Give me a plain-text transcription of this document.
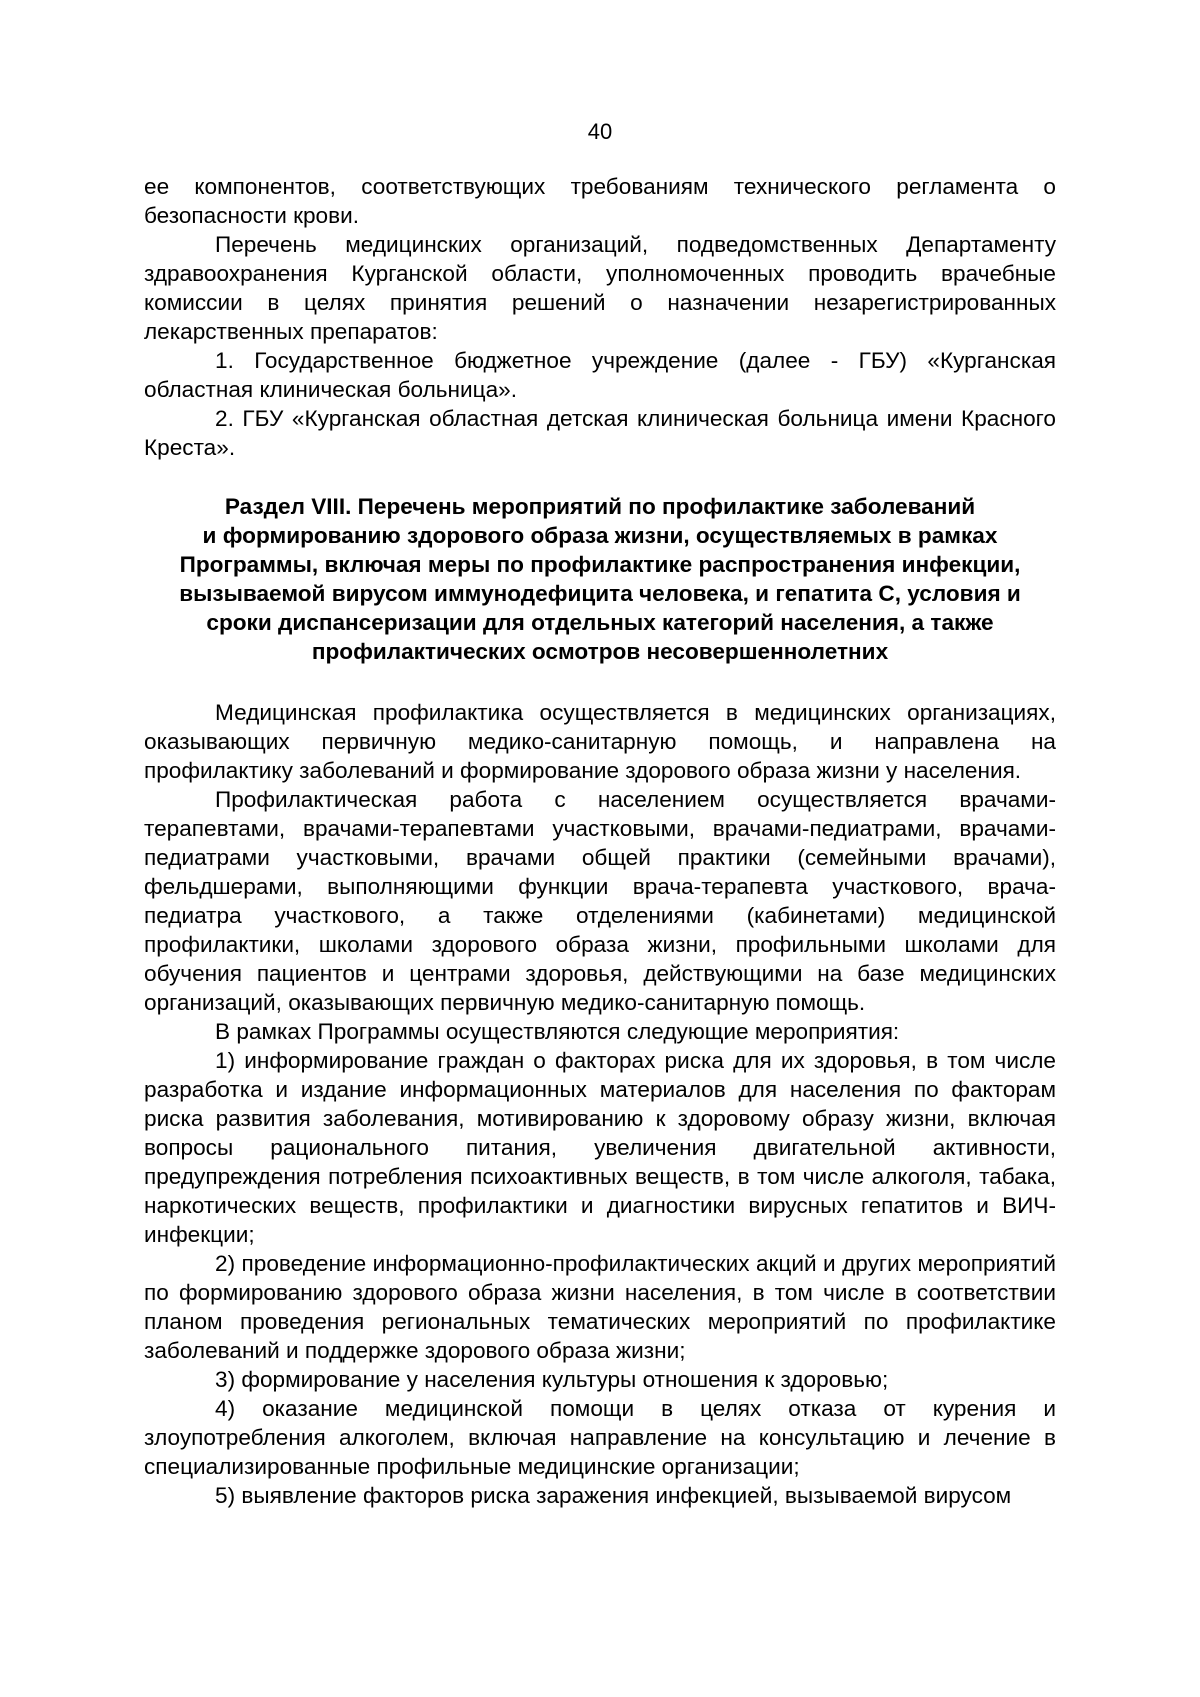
40

ее компонентов, соответствующих требованиям технического регламента о безопасности крови.

Перечень медицинских организаций, подведомственных Департаменту здравоохранения Курганской области, уполномоченных проводить врачебные комиссии в целях принятия решений о назначении незарегистрированных лекарственных препаратов:

1. Государственное бюджетное учреждение (далее - ГБУ) «Курганская областная клиническая больница».

2. ГБУ «Курганская областная детская клиническая больница имени Красного Креста».

Раздел VIII. Перечень мероприятий по профилактике заболеваний
и формированию здорового образа жизни, осуществляемых в рамках
Программы, включая меры по профилактике распространения инфекции,
вызываемой вирусом иммунодефицита человека, и гепатита С, условия и
сроки диспансеризации для отдельных категорий населения, а также
профилактических осмотров несовершеннолетних

Медицинская профилактика осуществляется в медицинских организациях, оказывающих первичную медико-санитарную помощь, и направлена на профилактику заболеваний и формирование здорового образа жизни у населения.

Профилактическая работа с населением осуществляется врачами-терапевтами, врачами-терапевтами участковыми, врачами-педиатрами, врачами-педиатрами участковыми, врачами общей практики (семейными врачами), фельдшерами, выполняющими функции врача-терапевта участкового, врача-педиатра участкового, а также отделениями (кабинетами) медицинской профилактики, школами здорового образа жизни, профильными школами для обучения пациентов и центрами здоровья, действующими на базе медицинских организаций, оказывающих первичную медико-санитарную помощь.

В рамках Программы осуществляются следующие мероприятия:

1) информирование граждан о факторах риска для их здоровья, в том числе разработка и издание информационных материалов для населения по факторам риска развития заболевания, мотивированию к здоровому образу жизни, включая вопросы рационального питания, увеличения двигательной активности, предупреждения потребления психоактивных веществ, в том числе алкоголя, табака, наркотических веществ, профилактики и диагностики вирусных гепатитов и ВИЧ-инфекции;

2) проведение информационно-профилактических акций и других мероприятий по формированию здорового образа жизни населения, в том числе в соответствии планом проведения региональных тематических мероприятий по профилактике заболеваний и поддержке здорового образа жизни;

3) формирование у населения культуры отношения к здоровью;

4) оказание медицинской помощи в целях отказа от курения и злоупотребления алкоголем, включая направление на консультацию и лечение в специализированные профильные медицинские организации;

5) выявление факторов риска заражения инфекцией, вызываемой вирусом
